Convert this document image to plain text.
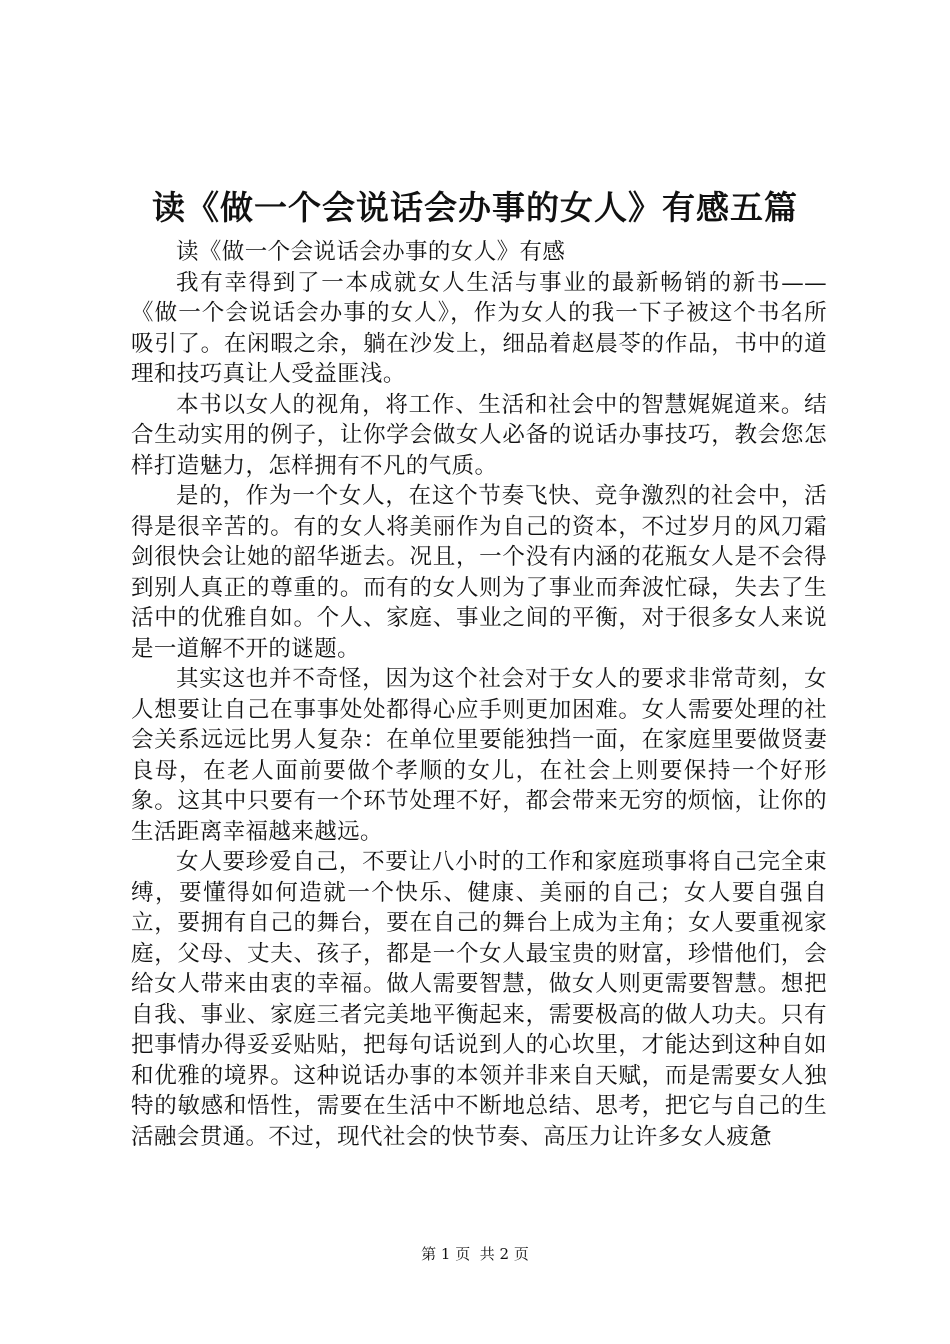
读《做一个会说话会办事的女人》有感五篇

读《做一个会说话会办事的女人》有感

我有幸得到了一本成就女人生活与事业的最新畅销的新书——《做一个会说话会办事的女人》，作为女人的我一下子被这个书名所吸引了。在闲暇之余，躺在沙发上，细品着赵晨苓的作品，书中的道理和技巧真让人受益匪浅。

本书以女人的视角，将工作、生活和社会中的智慧娓娓道来。结合生动实用的例子，让你学会做女人必备的说话办事技巧，教会您怎样打造魅力，怎样拥有不凡的气质。

是的，作为一个女人，在这个节奏飞快、竞争激烈的社会中，活得是很辛苦的。有的女人将美丽作为自己的资本，不过岁月的风刀霜剑很快会让她的韶华逝去。况且，一个没有内涵的花瓶女人是不会得到别人真正的尊重的。而有的女人则为了事业而奔波忙碌，失去了生活中的优雅自如。个人、家庭、事业之间的平衡，对于很多女人来说是一道解不开的谜题。

其实这也并不奇怪，因为这个社会对于女人的要求非常苛刻，女人想要让自己在事事处处都得心应手则更加困难。女人需要处理的社会关系远远比男人复杂：在单位里要能独挡一面，在家庭里要做贤妻良母，在老人面前要做个孝顺的女儿，在社会上则要保持一个好形象。这其中只要有一个环节处理不好，都会带来无穷的烦恼，让你的生活距离幸福越来越远。

女人要珍爱自己，不要让八小时的工作和家庭琐事将自己完全束缚，要懂得如何造就一个快乐、健康、美丽的自己；女人要自强自立，要拥有自己的舞台，要在自己的舞台上成为主角；女人要重视家庭，父母、丈夫、孩子，都是一个女人最宝贵的财富，珍惜他们，会给女人带来由衷的幸福。做人需要智慧，做女人则更需要智慧。想把自我、事业、家庭三者完美地平衡起来，需要极高的做人功夫。只有把事情办得妥妥贴贴，把每句话说到人的心坎里，才能达到这种自如和优雅的境界。这种说话办事的本领并非来自天赋，而是需要女人独特的敏感和悟性，需要在生活中不断地总结、思考，把它与自己的生活融会贯通。不过，现代社会的快节奏、高压力让许多女人疲惫

第 1 页  共 2 页
